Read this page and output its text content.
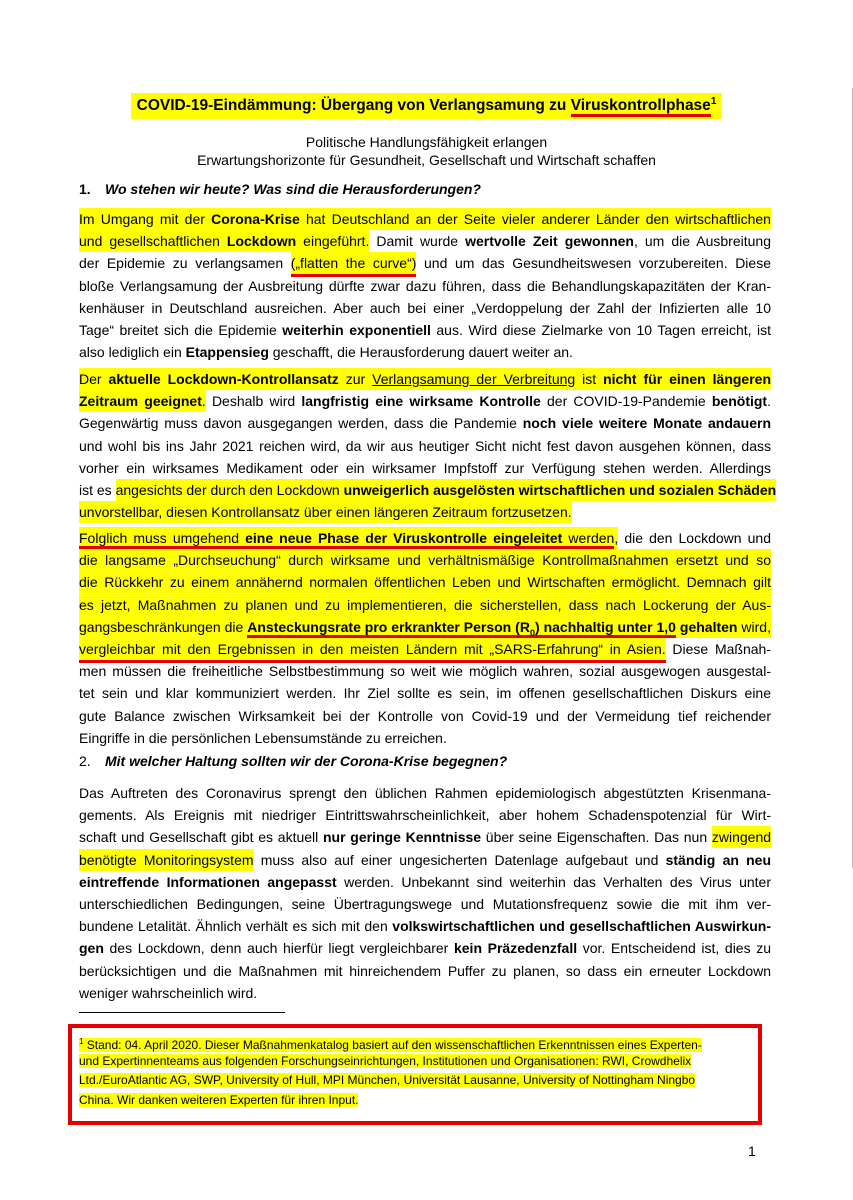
COVID-19-Eindämmung: Übergang von Verlangsamung zu Viruskontrollphase$^1$
Politische Handlungsfähigkeit erlangen
Erwartungshorizonte für Gesundheit, Gesellschaft und Wirtschaft schaffen
1. Wo stehen wir heute? Was sind die Herausforderungen?
Im Umgang mit der Corona-Krise hat Deutschland an der Seite vieler anderer Länder den wirtschaftlichen
und gesellschaftlichen Lockdown eingeführt. Damit wurde wertvolle Zeit gewonnen, um die Ausbreitung
der Epidemie zu verlangsamen („flatten the curve“) und um das Gesundheitswesen vorzubereiten. Diese
bloße Verlangsamung der Ausbreitung dürfte zwar dazu führen, dass die Behandlungskapazitäten der Kran-
kenhäuser in Deutschland ausreichen. Aber auch bei einer „Verdoppelung der Zahl der Infizierten alle 10
Tage“ breitet sich die Epidemie weiterhin exponentiell aus. Wird diese Zielmarke von 10 Tagen erreicht, ist
also lediglich ein Etappensieg geschafft, die Herausforderung dauert weiter an.
Der aktuelle Lockdown-Kontrollansatz zur Verlangsamung der Verbreitung ist nicht für einen längeren
Zeitraum geeignet. Deshalb wird langfristig eine wirksame Kontrolle der COVID-19-Pandemie benötigt.
Gegenwärtig muss davon ausgegangen werden, dass die Pandemie noch viele weitere Monate andauern
und wohl bis ins Jahr 2021 reichen wird, da wir aus heutiger Sicht nicht fest davon ausgehen können, dass
vorher ein wirksames Medikament oder ein wirksamer Impfstoff zur Verfügung stehen werden. Allerdings
ist es angesichts der durch den Lockdown unweigerlich ausgelösten wirtschaftlichen und sozialen Schäden
unvorstellbar, diesen Kontrollansatz über einen längeren Zeitraum fortzusetzen.
Folglich muss umgehend eine neue Phase der Viruskontrolle eingeleitet werden, die den Lockdown und
die langsame „Durchseuchung“ durch wirksame und verhältnismäßige Kontrollmaßnahmen ersetzt und so
die Rückkehr zu einem annähernd normalen öffentlichen Leben und Wirtschaften ermöglicht. Demnach gilt
es jetzt, Maßnahmen zu planen und zu implementieren, die sicherstellen, dass nach Lockerung der Aus-
gangsbeschränkungen die Ansteckungsrate pro erkrankter Person $(R_0)$ nachhaltig unter 1,0 gehalten wird,
vergleichbar mit den Ergebnissen in den meisten Ländern mit „SARS-Erfahrung“ in Asien. Diese Maßnah-
men müssen die freiheitliche Selbstbestimmung so weit wie möglich wahren, sozial ausgewogen ausgestal-
tet sein und klar kommuniziert werden. Ihr Ziel sollte es sein, im offenen gesellschaftlichen Diskurs eine
gute Balance zwischen Wirksamkeit bei der Kontrolle von Covid-19 und der Vermeidung tief reichender
Eingriffe in die persönlichen Lebensumstände zu erreichen.
2. Mit welcher Haltung sollten wir der Corona-Krise begegnen?
Das Auftreten des Coronavirus sprengt den üblichen Rahmen epidemiologisch abgestützten Krisenmana-
gements. Als Ereignis mit niedriger Eintrittswahrscheinlichkeit, aber hohem Schadenspotenzial für Wirt-
schaft und Gesellschaft gibt es aktuell nur geringe Kenntnisse über seine Eigenschaften. Das nun zwingend
benötigte Monitoringsystem muss also auf einer ungesicherten Datenlage aufgebaut und ständig an neu
eintreffende Informationen angepasst werden. Unbekannt sind weiterhin das Verhalten des Virus unter
unterschiedlichen Bedingungen, seine Übertragungswege und Mutationsfrequenz sowie die mit ihm ver-
bundene Letalität. Ähnlich verhält es sich mit den volkswirtschaftlichen und gesellschaftlichen Auswirkun-
gen des Lockdown, denn auch hierfür liegt vergleichbarer kein Präzedenzfall vor. Entscheidend ist, dies zu
berücksichtigen und die Maßnahmen mit hinreichendem Puffer zu planen, so dass ein erneuter Lockdown
weniger wahrscheinlich wird.
$^1$ Stand: 04. April 2020. Dieser Maßnahmenkatalog basiert auf den wissenschaftlichen Erkenntnissen eines Experten-
und Expertinnenteams aus folgenden Forschungseinrichtungen, Institutionen und Organisationen: RWI, Crowdhelix
Ltd./EuroAtlantic AG, SWP, University of Hull, MPI München, Universität Lausanne, University of Nottingham Ningbo
China. Wir danken weiteren Experten für ihren Input.
1
